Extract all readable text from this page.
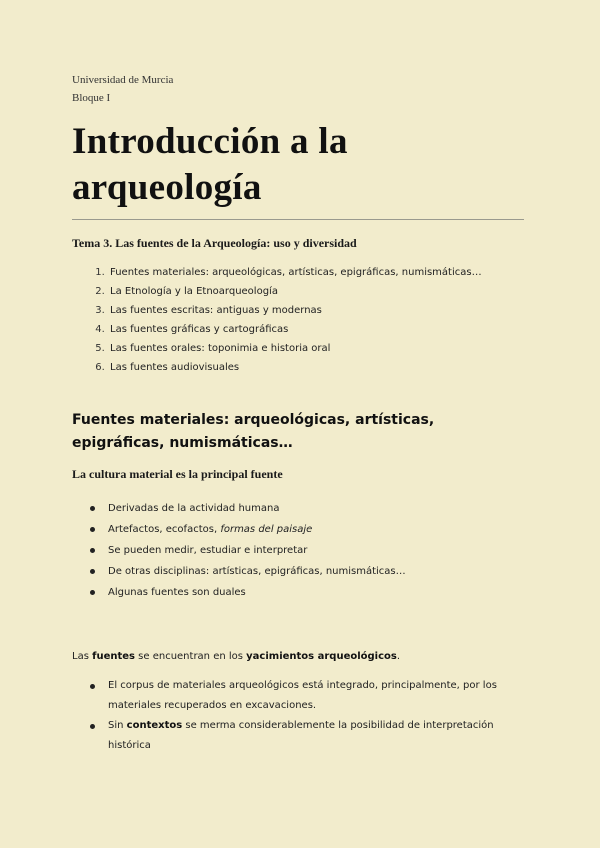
Universidad de Murcia
Bloque I
Introducción a la arqueología
Tema 3. Las fuentes de la Arqueología: uso y diversidad
1. Fuentes materiales: arqueológicas, artísticas, epigráficas, numismáticas…
2. La Etnología y la Etnoarqueología
3. Las fuentes escritas: antiguas y modernas
4. Las fuentes gráficas y cartográficas
5. Las fuentes orales: toponimia e historia oral
6. Las fuentes audiovisuales
Fuentes materiales: arqueológicas, artísticas, epigráficas, numismáticas…
La cultura material es la principal fuente
Derivadas de la actividad humana
Artefactos, ecofactos, formas del paisaje
Se pueden medir, estudiar e interpretar
De otras disciplinas: artísticas, epigráficas, numismáticas…
Algunas fuentes son duales
Las fuentes se encuentran en los yacimientos arqueológicos.
El corpus de materiales arqueológicos está integrado, principalmente, por los materiales recuperados en excavaciones.
Sin contextos se merma considerablemente la posibilidad de interpretación histórica
